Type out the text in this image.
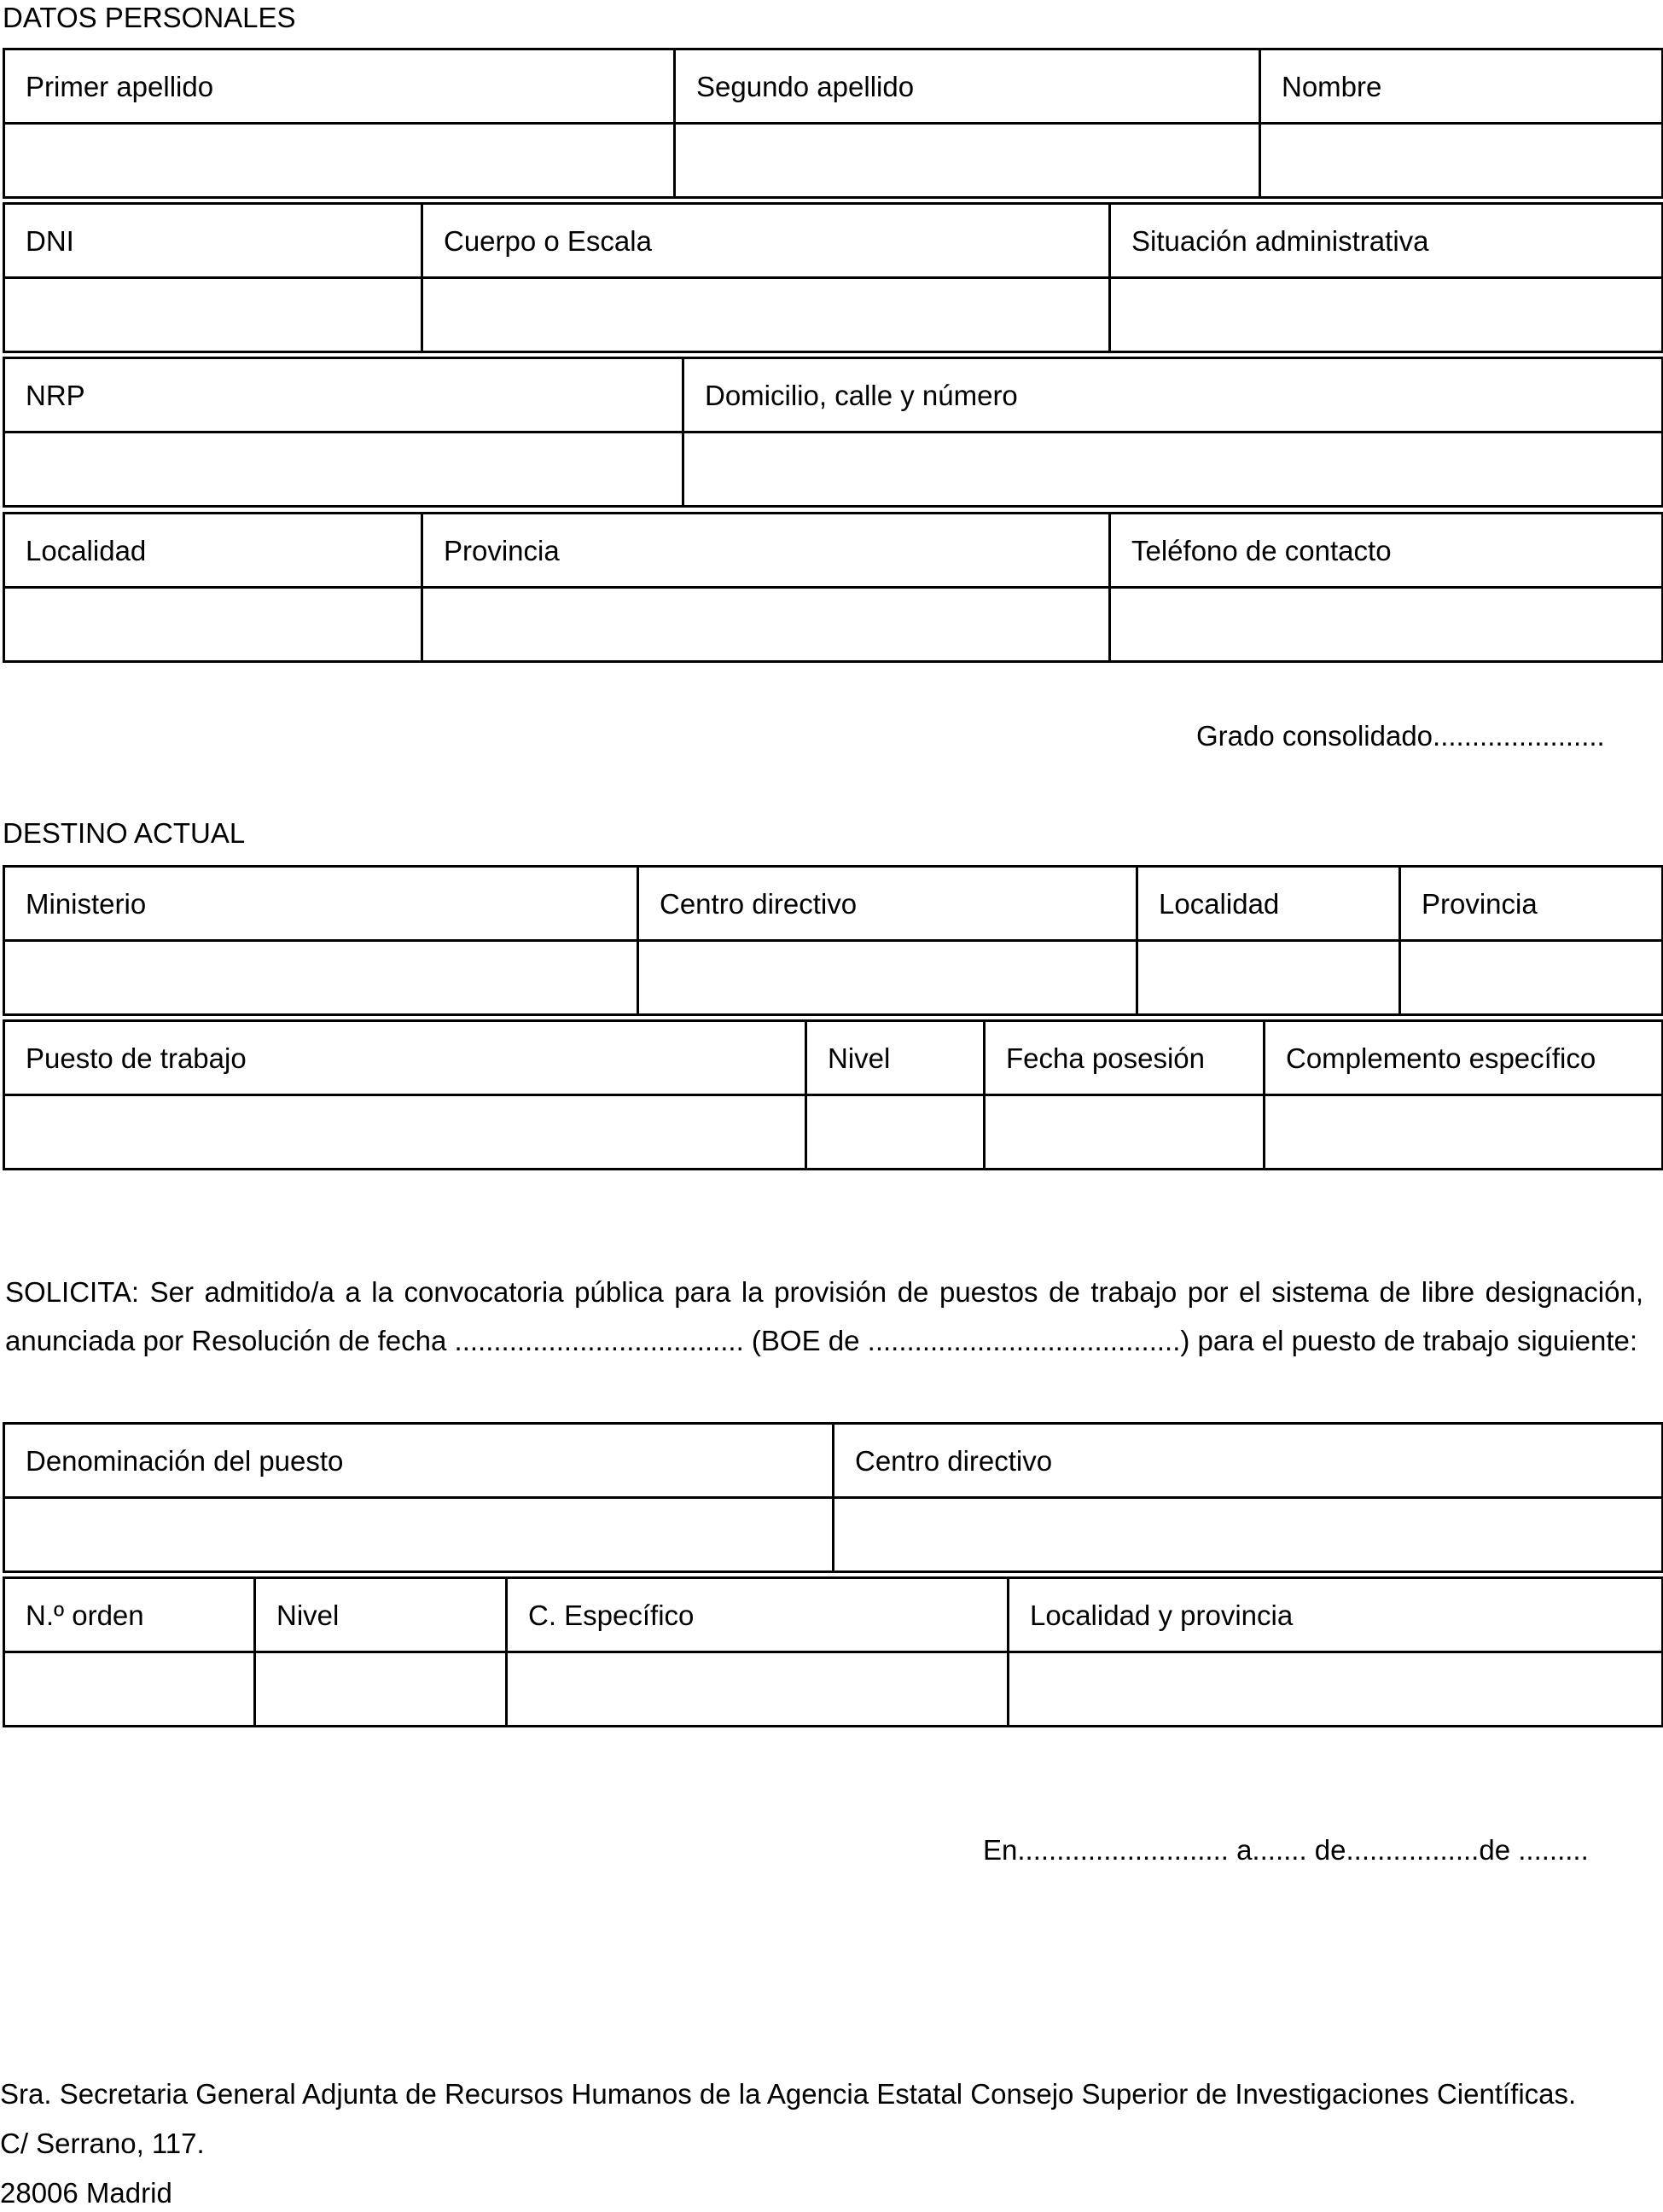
DATOS PERSONALES
Primer apellido	Segundo apellido	Nombre

DNI	Cuerpo o Escala	Situación administrativa

NRP	Domicilio, calle y número

Localidad	Provincia	Teléfono de contacto

Grado consolidado......................
DESTINO ACTUAL
Ministerio	Centro directivo	Localidad	Provincia

Puesto de trabajo	Nivel	Fecha posesión	Complemento específico

SOLICITA: Ser admitido/a a la convocatoria pública para la provisión de puestos de trabajo por el sistema de libre designación, anunciada por Resolución de fecha ..................................... (BOE de ........................................) para el puesto de trabajo siguiente:
Denominación del puesto	Centro directivo

N.º orden	Nivel	C. Específico	Localidad y provincia

En........................... a....... de.................de .........
Sra. Secretaria General Adjunta de Recursos Humanos de la Agencia Estatal Consejo Superior de Investigaciones Científicas.
C/ Serrano, 117.
28006 Madrid
